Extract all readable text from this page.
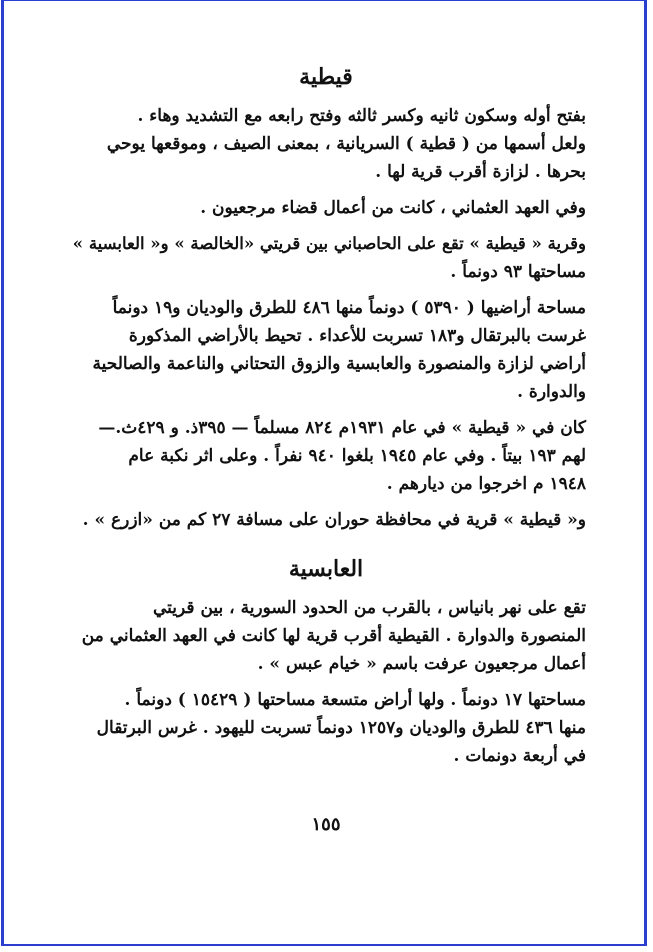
قيطية
بفتح أوله وسكون ثانيه وكسر ثالثه وفتح رابعه مع التشديد وهاء .
ولعل أسمها من ( قطية ) السريانية ، بمعنى الصيف ، وموقعها يوحي
بحرها . لزازة أقرب قرية لها .
وفي العهد العثماني ، كانت من أعمال قضاء مرجعيون .
وقرية « قيطية » تقع على الحاصباني بين قريتي «الخالصة » و« العابسية »
مساحتها ٩٣ دونماً .
مساحة أراضيها ( ٥٣٩٠ ) دونماً منها ٤٨٦ للطرق والوديان و١٩ دونماً
غرست بالبرتقال و١٨٣ تسربت للأعداء . تحيط بالأراضي المذكورة
أراضي لزازة والمنصورة والعابسية والزوق التحتاني والناعمة والصالحية
والدوارة .
كان في « قيطية » في عام ١٩٣١م ٨٢٤ مسلماً — ٣٩٥ذ. و ٤٢٩ث.—
لهم ١٩٣ بيتاً . وفي عام ١٩٤٥ بلغوا ٩٤٠ نفراً . وعلى اثر نكبة عام
١٩٤٨ م اخرجوا من ديارهم .
و« قيطية » قرية في محافظة حوران على مسافة ٢٧ كم من «ازرع » .
العابسية
تقع على نهر بانياس ، بالقرب من الحدود السورية ، بين قريتي
المنصورة والدوارة . القيطية أقرب قرية لها كانت في العهد العثماني من
أعمال مرجعيون عرفت باسم « خيام عبس » .
مساحتها ١٧ دونماً . ولها أراض متسعة مساحتها ( ١٥٤٢٩ ) دونماً .
منها ٤٣٦ للطرق والوديان و١٢٥٧ دونماً تسربت لليهود . غرس البرتقال
في أربعة دونمات .
١٥٥
